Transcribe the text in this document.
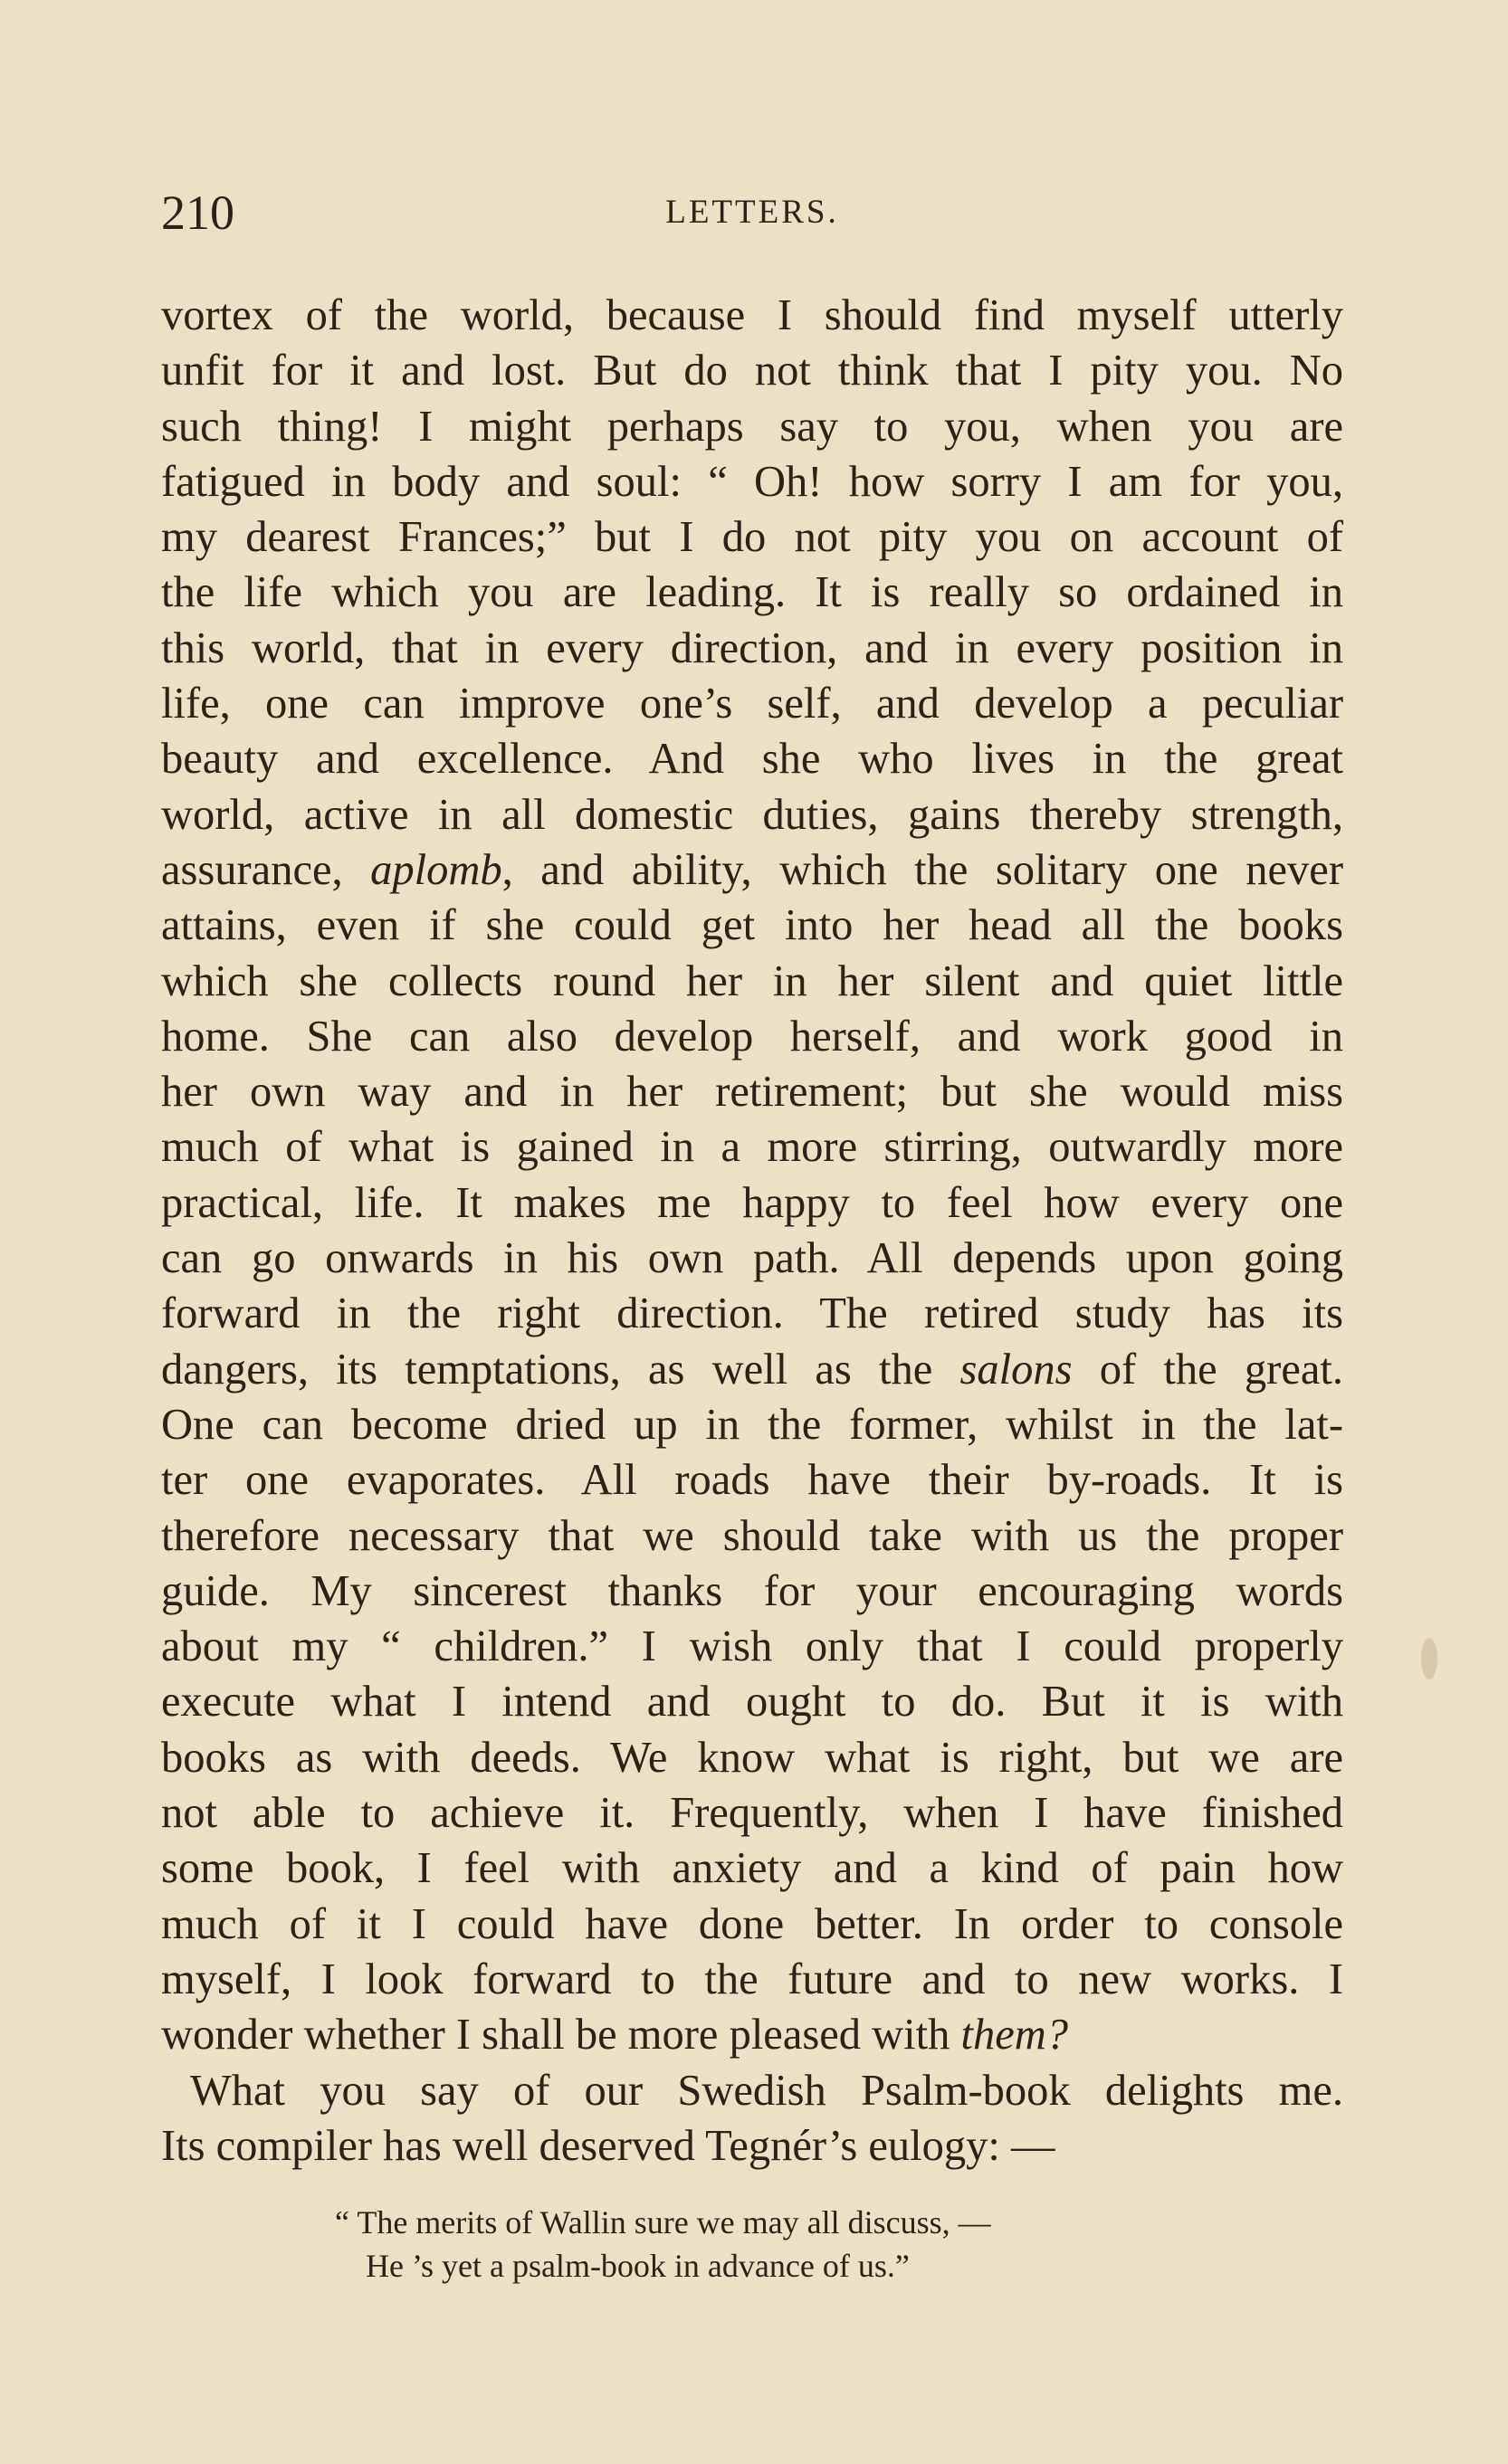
210	LETTERS.
vortex of the world, because I should find myself utterly
unfit for it and lost. But do not think that I pity you. No
such thing! I might perhaps say to you, when you are
fatigued in body and soul: “ Oh! how sorry I am for you,
my dearest Frances;” but I do not pity you on account of
the life which you are leading. It is really so ordained in
this world, that in every direction, and in every position in
life, one can improve one’s self, and develop a peculiar
beauty and excellence. And she who lives in the great
world, active in all domestic duties, gains thereby strength,
assurance, aplomb, and ability, which the solitary one never
attains, even if she could get into her head all the books
which she collects round her in her silent and quiet little
home. She can also develop herself, and work good in
her own way and in her retirement; but she would miss
much of what is gained in a more stirring, outwardly more
practical, life. It makes me happy to feel how every one
can go onwards in his own path. All depends upon going
forward in the right direction. The retired study has its
dangers, its temptations, as well as the salons of the great.
One can become dried up in the former, whilst in the lat-
ter one evaporates. All roads have their by-roads. It is
therefore necessary that we should take with us the proper
guide. My sincerest thanks for your encouraging words
about my “ children.” I wish only that I could properly
execute what I intend and ought to do. But it is with
books as with deeds. We know what is right, but we are
not able to achieve it. Frequently, when I have finished
some book, I feel with anxiety and a kind of pain how
much of it I could have done better. In order to console
myself, I look forward to the future and to new works. I
wonder whether I shall be more pleased with them?
What you say of our Swedish Psalm-book delights me.
Its compiler has well deserved Tegnér’s eulogy: —
“ The merits of Wallin sure we may all discuss, —
He ’s yet a psalm-book in advance of us.”
